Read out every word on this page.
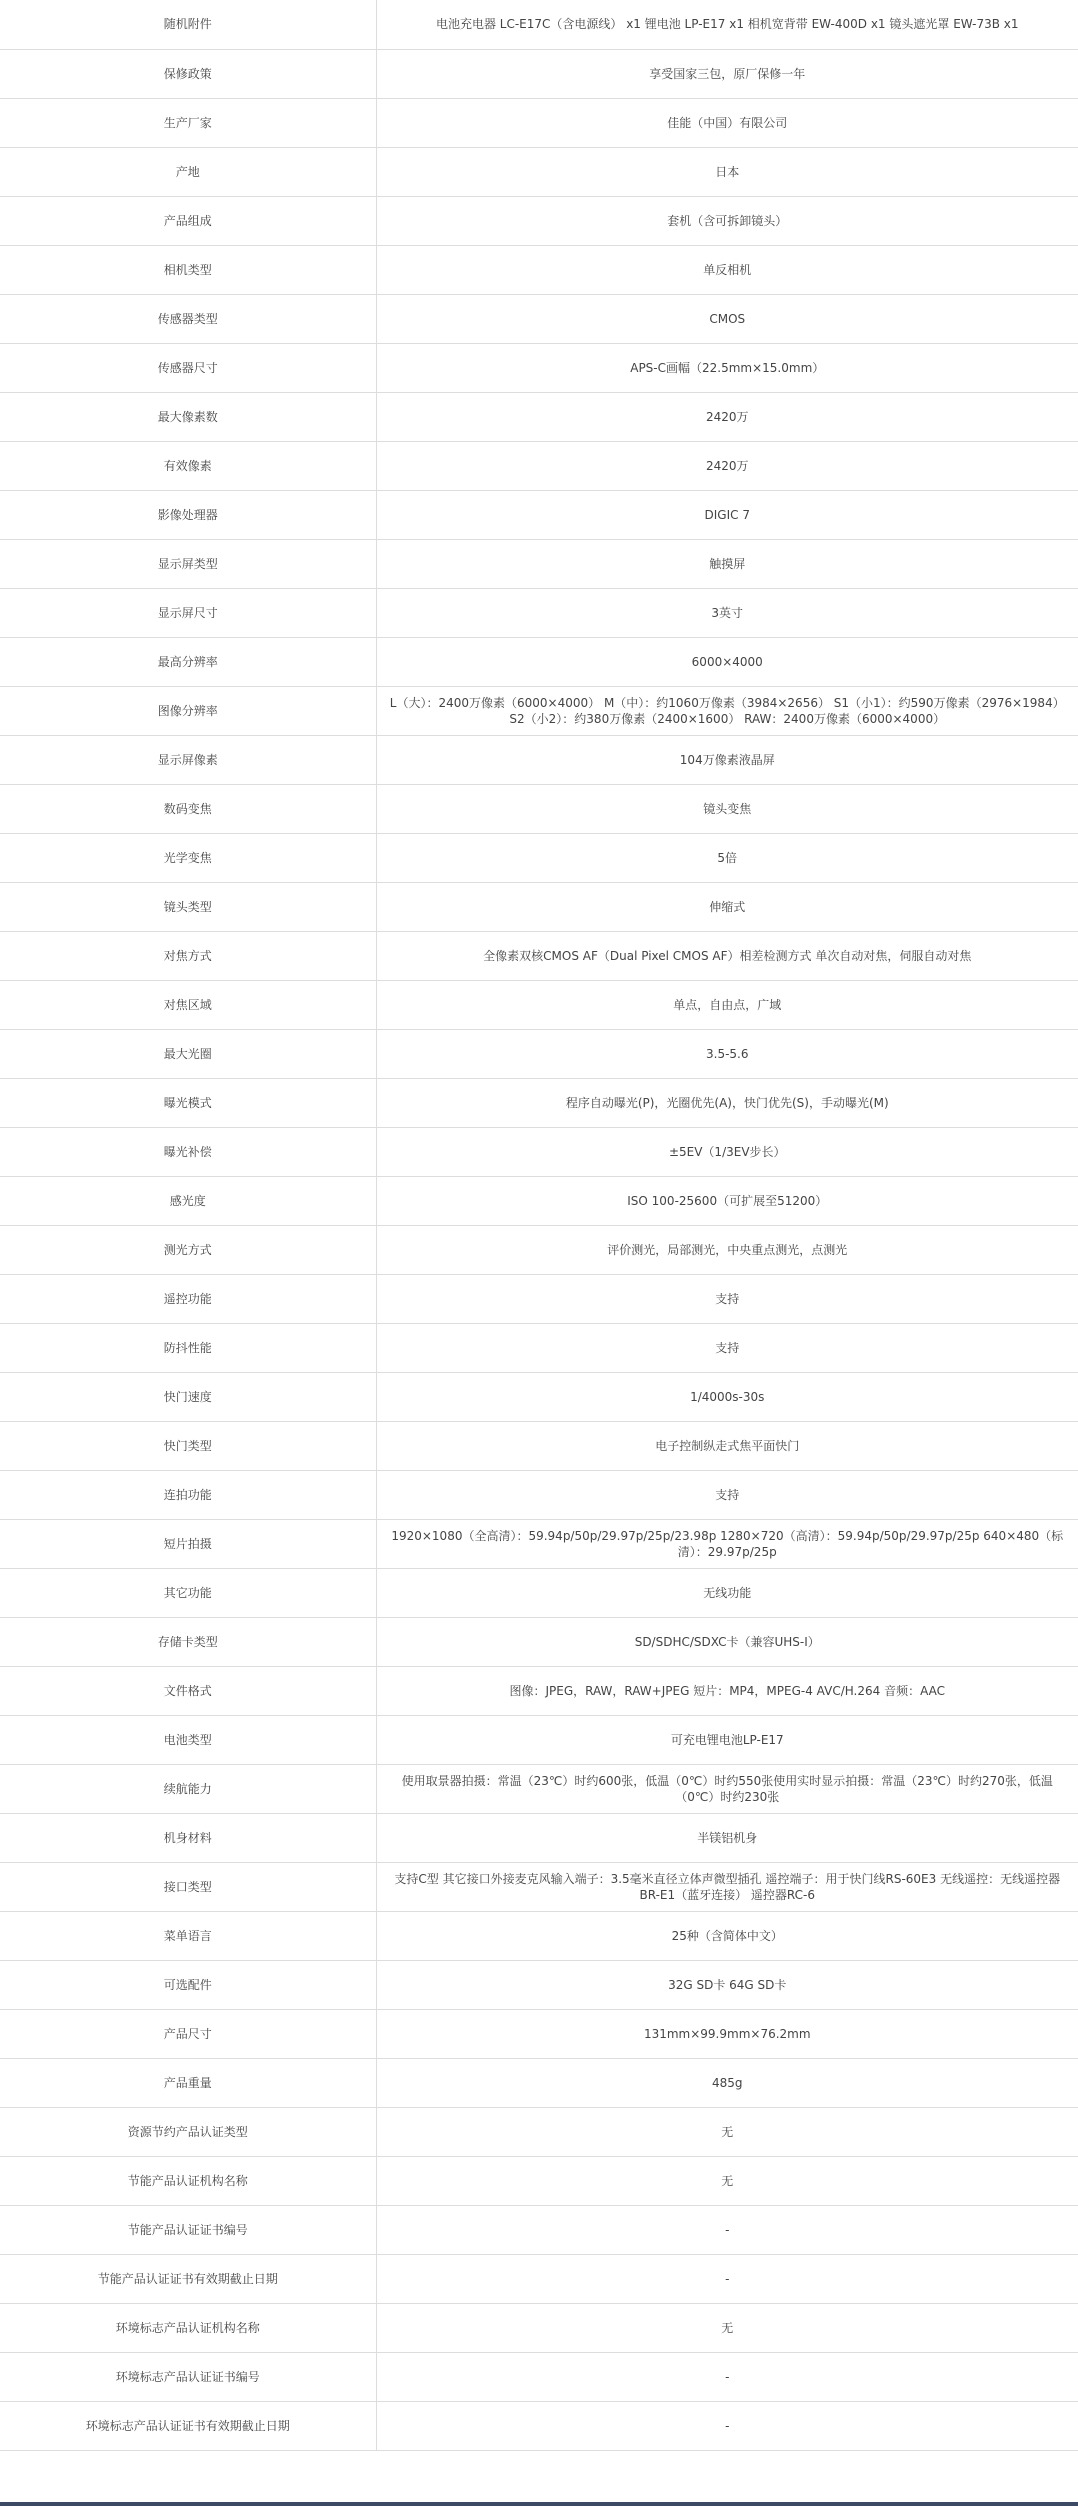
随机附件	电池充电器 LC-E17C（含电源线） x1 锂电池 LP-E17 x1 相机宽背带 EW-400D x1 镜头遮光罩 EW-73B x1
保修政策	享受国家三包，原厂保修一年
生产厂家	佳能（中国）有限公司
产地	日本
产品组成	套机（含可拆卸镜头）
相机类型	单反相机
传感器类型	CMOS
传感器尺寸	APS-C画幅（22.5mm×15.0mm）
最大像素数	2420万
有效像素	2420万
影像处理器	DIGIC 7
显示屏类型	触摸屏
显示屏尺寸	3英寸
最高分辨率	6000×4000
图像分辨率	L（大）：2400万像素（6000×4000） M（中）：约1060万像素（3984×2656） S1（小1）：约590万像素（2976×1984） S2（小2）：约380万像素（2400×1600） RAW：2400万像素（6000×4000）
显示屏像素	104万像素液晶屏
数码变焦	镜头变焦
光学变焦	5倍
镜头类型	伸缩式
对焦方式	全像素双核CMOS AF（Dual Pixel CMOS AF）相差检测方式 单次自动对焦，伺服自动对焦
对焦区域	单点，自由点，广域
最大光圈	3.5-5.6
曝光模式	程序自动曝光(P)，光圈优先(A)，快门优先(S)，手动曝光(M)
曝光补偿	±5EV（1/3EV步长）
感光度	ISO 100-25600（可扩展至51200）
测光方式	评价测光，局部测光，中央重点测光，点测光
遥控功能	支持
防抖性能	支持
快门速度	1/4000s-30s
快门类型	电子控制纵走式焦平面快门
连拍功能	支持
短片拍摄	1920×1080（全高清）：59.94p/50p/29.97p/25p/23.98p 1280×720（高清）：59.94p/50p/29.97p/25p 640×480（标清）：29.97p/25p
其它功能	无线功能
存储卡类型	SD/SDHC/SDXC卡（兼容UHS-I）
文件格式	图像：JPEG，RAW，RAW+JPEG 短片：MP4，MPEG-4 AVC/H.264 音频：AAC
电池类型	可充电锂电池LP-E17
续航能力	使用取景器拍摄：常温（23℃）时约600张，低温（0℃）时约550张使用实时显示拍摄：常温（23℃）时约270张，低温（0℃）时约230张
机身材料	半镁铝机身
接口类型	支持C型 其它接口外接麦克风输入端子：3.5毫米直径立体声微型插孔 遥控端子：用于快门线RS-60E3 无线遥控：无线遥控器BR-E1（蓝牙连接） 遥控器RC-6
菜单语言	25种（含简体中文）
可选配件	32G SD卡 64G SD卡
产品尺寸	131mm×99.9mm×76.2mm
产品重量	485g
资源节约产品认证类型	无
节能产品认证机构名称	无
节能产品认证证书编号	-
节能产品认证证书有效期截止日期	-
环境标志产品认证机构名称	无
环境标志产品认证证书编号	-
环境标志产品认证证书有效期截止日期	-
